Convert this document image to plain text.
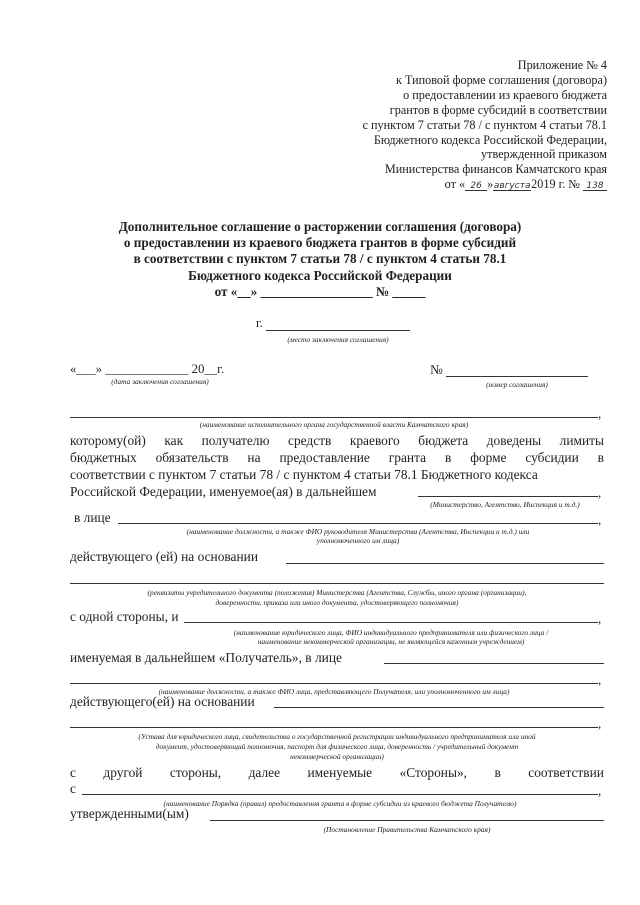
Приложение № 4
к Типовой форме соглашения (договора)
о предоставлении из краевого бюджета
грантов в форме субсидий в соответствии
с пунктом 7 статьи 78 / с пунктом 4 статьи 78.1
Бюджетного кодекса Российской Федерации,
утвержденной приказом
Министерства финансов Камчатского края
от « 26 »августа2019 г. № 138
Дополнительное соглашение о расторжении соглашения (договора)
о предоставлении из краевого бюджета грантов в форме субсидий
в соответствии с пунктом 7 статьи 78 / с пунктом 4 статьи 78.1
Бюджетного кодекса Российской Федерации
от «__» _________________ № _____
г.
(место заключения соглашения)
«___» _____________ 20__г.
(дата заключения соглашения)
№
(номер соглашения)
,
(наименование исполнительного органа государственной власти Камчатского края)
которому(ой) как получателю средств краевого бюджета доведены лимиты
бюджетных обязательств на предоставление гранта в форме субсидии в
соответствии с пунктом 7 статьи 78 / с пунктом 4 статьи 78.1 Бюджетного кодекса
Российской Федерации, именуемое(ая) в дальнейшем	,
(Министерство, Агентство, Инспекция и т.д.)
в лице	,
(наименование должности, а также ФИО руководителя Министерства (Агентства, Инспекции и т.д.) или
уполномоченного им лица)
действующего (ей) на основании
(реквизиты учредительного документа (положения) Министерства (Агентства, Службы, иного органа (организации),
доверенности, приказа или иного документа, удостоверяющего полномочия)
с одной стороны, и	,
(наименование юридического лица, ФИО индивидуального предпринимателя или физического лица /
наименование некоммерческой организации, не являющейся казенным учреждением)
именуемая в дальнейшем «Получатель», в лице
,
(наименование должности, а также ФИО лица, представляющего Получателя, или уполномоченного им лица)
действующего(ей) на основании
,
(Устава для юридического лица, свидетельства о государственной регистрации индивидуального предпринимателя или иной
документ, удостоверяющий полномочия, паспорт для физического лица, доверенность / учредительный документ
некоммерческой организации)
с другой стороны, далее именуемые «Стороны», в соответствии
с	,
(наименование Порядка (правил) предоставления гранта в форме субсидии из краевого бюджета Получателю)
утвержденными(ым)
(Постановление Правительства Камчатского края)
